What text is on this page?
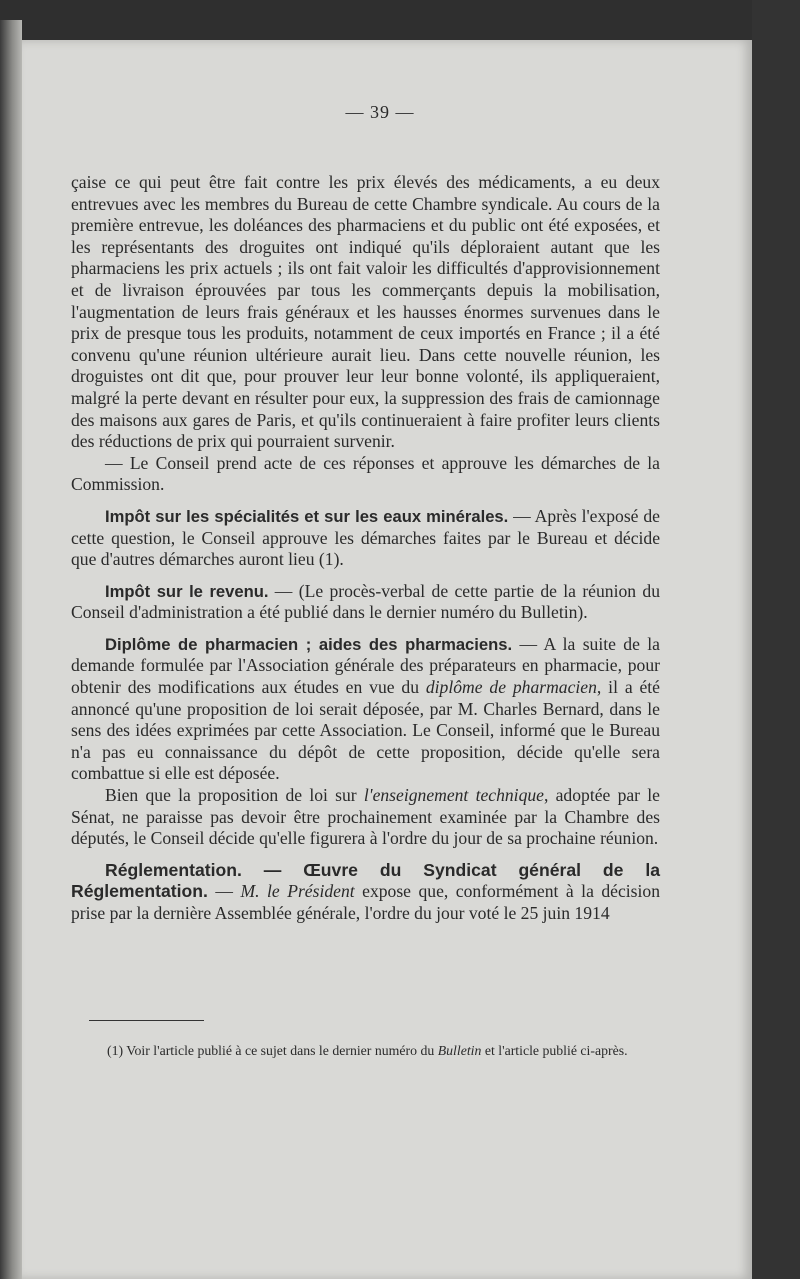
— 39 —

çaise ce qui peut être fait contre les prix élevés des médicaments, a eu deux entrevues avec les membres du Bureau de cette Chambre syndicale. Au cours de la première entrevue, les doléances des pharmaciens et du public ont été exposées, et les représentants des droguites ont indiqué qu'ils déploraient autant que les pharmaciens les prix actuels ; ils ont fait valoir les difficultés d'approvisionnement et de livraison éprouvées par tous les commerçants depuis la mobilisation, l'augmentation de leurs frais généraux et les hausses énormes survenues dans le prix de presque tous les produits, notamment de ceux importés en France ; il a été convenu qu'une réunion ultérieure aurait lieu. Dans cette nouvelle réunion, les droguistes ont dit que, pour prouver leur leur bonne volonté, ils appliqueraient, malgré la perte devant en résulter pour eux, la suppression des frais de camionnage des maisons aux gares de Paris, et qu'ils continueraient à faire profiter leurs clients des réductions de prix qui pourraient survenir.

— Le Conseil prend acte de ces réponses et approuve les démarches de la Commission.

Impôt sur les spécialités et sur les eaux minérales. — Après l'exposé de cette question, le Conseil approuve les démarches faites par le Bureau et décide que d'autres démarches auront lieu (1).

Impôt sur le revenu. — (Le procès-verbal de cette partie de la réunion du Conseil d'administration a été publié dans le dernier numéro du Bulletin).

Diplôme de pharmacien ; aides des pharmaciens. — A la suite de la demande formulée par l'Association générale des préparateurs en pharmacie, pour obtenir des modifications aux études en vue du diplôme de pharmacien, il a été annoncé qu'une proposition de loi serait déposée, par M. Charles Bernard, dans le sens des idées exprimées par cette Association. Le Conseil, informé que le Bureau n'a pas eu connaissance du dépôt de cette proposition, décide qu'elle sera combattue si elle est déposée.

Bien que la proposition de loi sur l'enseignement technique, adoptée par le Sénat, ne paraisse pas devoir être prochainement examinée par la Chambre des députés, le Conseil décide qu'elle figurera à l'ordre du jour de sa prochaine réunion.

Réglementation. — Œuvre du Syndicat général de la Réglementation. — M. le Président expose que, conformément à la décision prise par la dernière Assemblée générale, l'ordre du jour voté le 25 juin 1914

(1) Voir l'article publié à ce sujet dans le dernier numéro du Bulletin et l'article publié ci-après.
